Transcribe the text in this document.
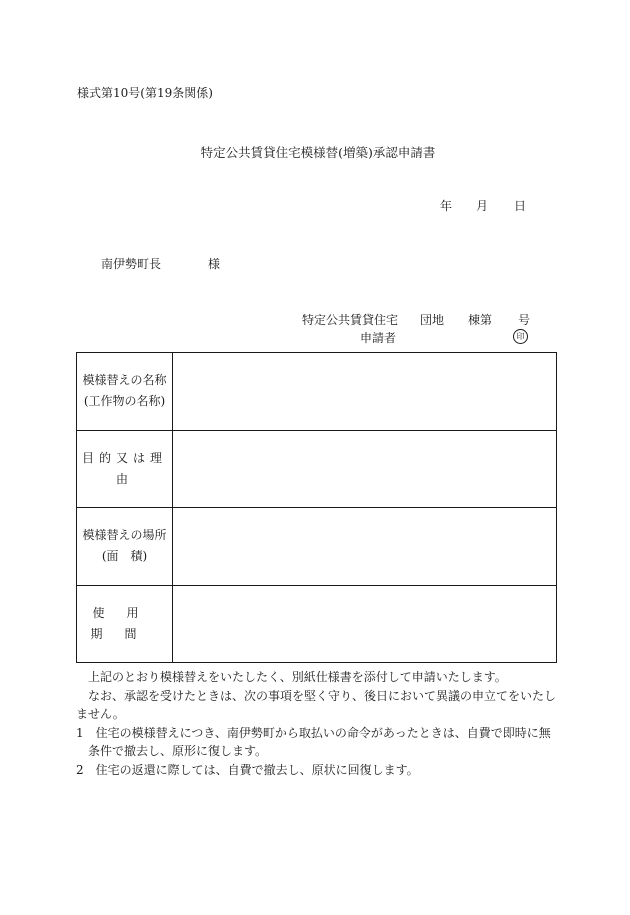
様式第10号(第19条関係)
特定公共賃貸住宅模様替(増築)承認申請書
年 月 日
南伊勢町長	様
特定公共賃貸住宅 団地 棟第 号
申請者	印
模様替えの名称
(工作物の名称)	

目的又は理由	

模様替えの場所
(面　積)	

使用期間	

上記のとおり模様替えをいたしたく、別紙仕様書を添付して申請いたします。

なお、承認を受けたときは、次の事項を堅く守り、後日において異議の申立てをいたしません。

1　住宅の模様替えにつき、南伊勢町から取払いの命令があったときは、自費で即時に無条件で撤去し、原形に復します。

2　住宅の返還に際しては、自費で撤去し、原状に回復します。
